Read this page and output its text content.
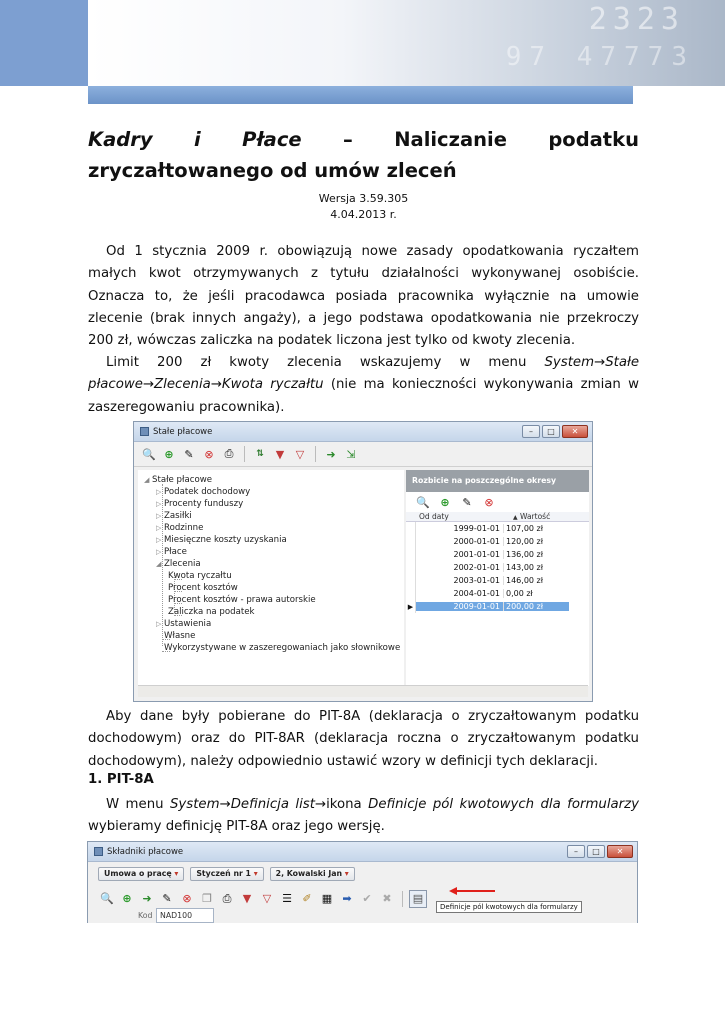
2323
97 47773
Kadry i Płace – Naliczanie podatku zryczałtowanego od umów zleceń
Wersja 3.59.305
4.04.2013 r.
Od 1 stycznia 2009 r. obowiązują nowe zasady opodatkowania ryczałtem małych kwot otrzymywanych z tytułu działalności wykonywanej osobiście. Oznacza to, że jeśli pracodawca posiada pracownika wyłącznie na umowie zlecenie (brak innych angaży), a jego podstawa opodatkowania nie przekroczy 200 zł, wówczas zaliczka na podatek liczona jest tylko od kwoty zlecenia.
Limit 200 zł kwoty zlecenia wskazujemy w menu System→Stałe płacowe→Zlecenia→Kwota ryczałtu (nie ma konieczności wykonywania zmian w zaszeregowaniu pracownika).
Stałe płacowe	–	□	✕
🔍 ⊕ ✎ ⊗ ⎙	⇅	▼	▽	➜ ⇲
◢ Stałe płacowe
▷ Podatek dochodowy
▷ Procenty funduszy
▷ Zasiłki
▷ Rodzinne
▷ Miesięczne koszty uzyskania
▷ Płace
◢ Zlecenia
Kwota ryczałtu
Procent kosztów
Procent kosztów - prawa autorskie
Zaliczka na podatek
▷ Ustawienia
Własne
Wykorzystywane w zaszeregowaniach jako słownikowe
Rozbicie na poszczególne okresy
🔍 ⊕	✎	⊗
Od daty	▲ Wartość
1999-01-01 107,00 zł
2000-01-01 120,00 zł
2001-01-01 136,00 zł
2002-01-01 143,00 zł
2003-01-01 146,00 zł
2004-01-01 0,00 zł
▶	2009-01-01 200,00 zł
Aby dane były pobierane do PIT-8A (deklaracja o zryczałtowanym podatku dochodowym) oraz do PIT-8AR (deklaracja roczna o zryczałtowanym podatku dochodowym), należy odpowiednio ustawić wzory w definicji tych deklaracji.
1. PIT-8A
W menu System→Definicja list→ikona Definicje pól kwotowych dla formularzy wybieramy definicję PIT-8A oraz jego wersję.
Składniki płacowe	–	□	✕
Umowa o pracę ▾	Styczeń nr 1 ▾	2, Kowalski Jan ▾
🔍 ⊕ ➜ ✎ ⊗ ❐ ⎙	▼	▽ ☰ ✐ ▦ ➡ ✔ ✖	▤
Definicje pól kwotowych dla formularzy
Kod NAD100
